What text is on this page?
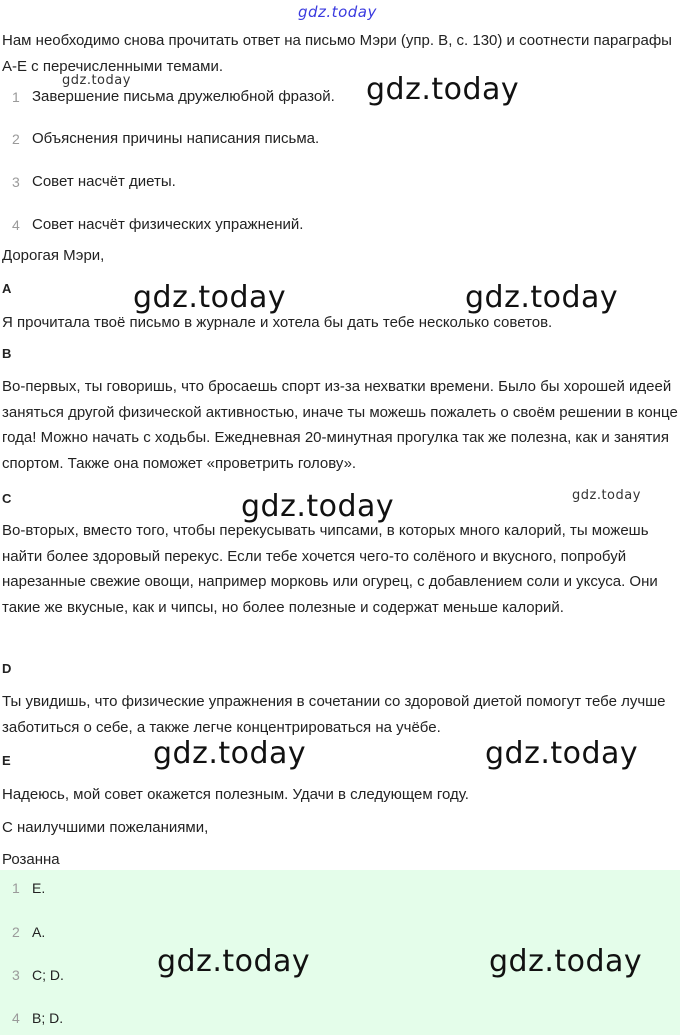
gdz.today
gdz.today	gdz.today
gdz.today	gdz.today
gdz.today	gdz.today
gdz.today	gdz.today
Нам необходимо снова прочитать ответ на письмо Мэри (упр. B, с. 130) и соотнести параграфы A-E с перечисленными темами.
1 Завершение письма дружелюбной фразой.
2 Объяснения причины написания письма.
3 Совет насчёт диеты.
4 Совет насчёт физических упражнений.
Дорогая Мэри,
A
Я прочитала твоё письмо в журнале и хотела бы дать тебе несколько советов.
B
Во-первых, ты говоришь, что бросаешь спорт из-за нехватки времени. Было бы хорошей идеей заняться другой физической активностью, иначе ты можешь пожалеть о своём решении в конце года! Можно начать с ходьбы. Ежедневная 20-минутная прогулка так же полезна, как и занятия спортом. Также она поможет «проветрить голову».
C
Во-вторых, вместо того, чтобы перекусывать чипсами, в которых много калорий, ты можешь найти более здоровый перекус. Если тебе хочется чего-то солёного и вкусного, попробуй нарезанные свежие овощи, например морковь или огурец, с добавлением соли и уксуса. Они такие же вкусные, как и чипсы, но более полезные и содержат меньше калорий.
D
Ты увидишь, что физические упражнения в сочетании со здоровой диетой помогут тебе лучше заботиться о себе, а также легче концентрироваться на учёбе.
E
Надеюсь, мой совет окажется полезным. Удачи в следующем году.
С наилучшими пожеланиями,
Розанна
1 E.
2 A.
3 C; D.
4 B; D.
gdz.today	gdz.today
